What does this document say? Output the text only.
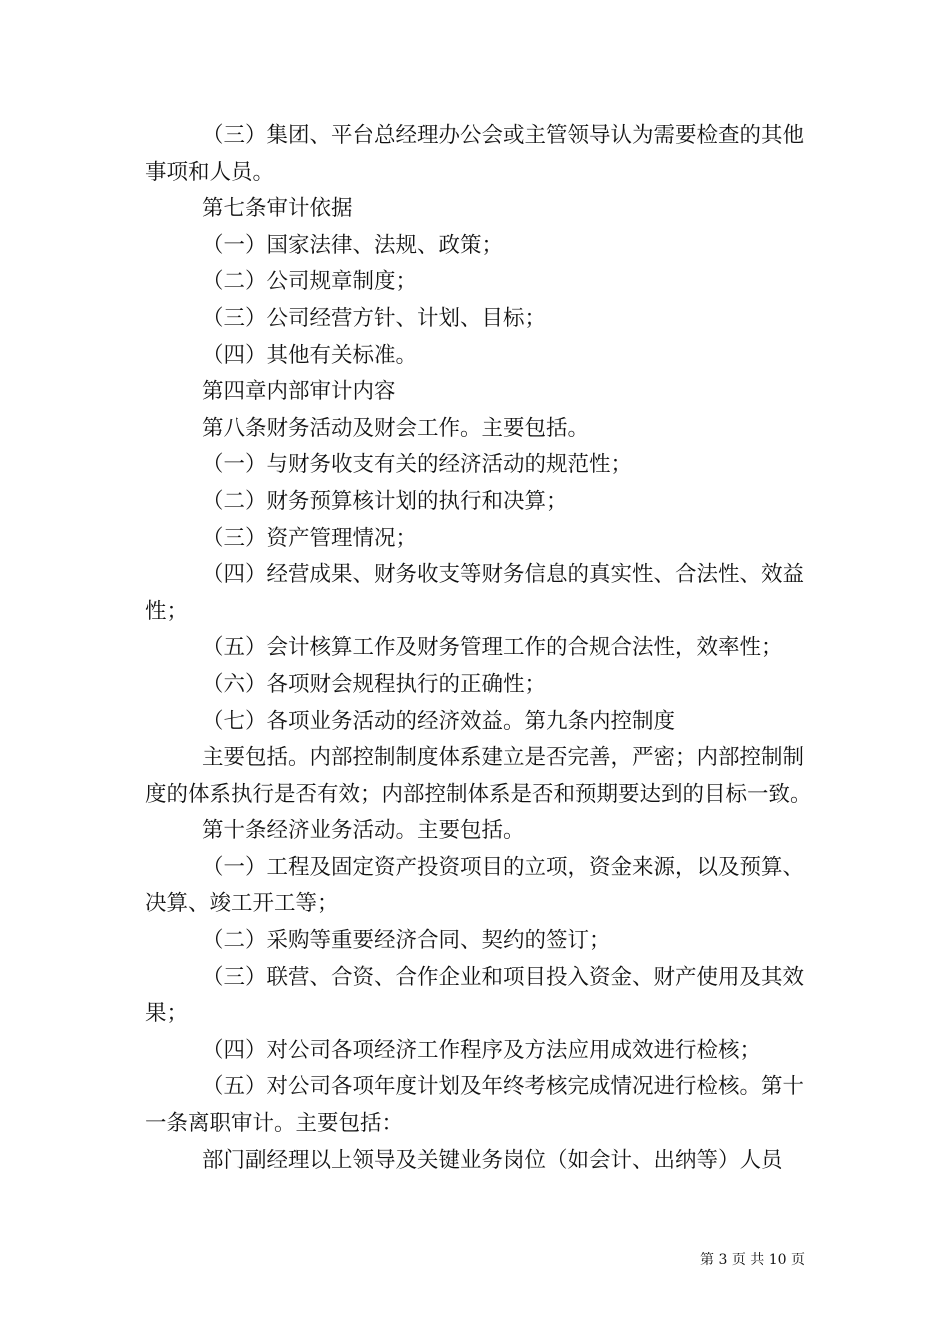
（三）集团、平台总经理办公会或主管领导认为需要检查的其他事项和人员。

第七条审计依据

（一）国家法律、法规、政策；

（二）公司规章制度；

（三）公司经营方针、计划、目标；

（四）其他有关标准。

第四章内部审计内容

第八条财务活动及财会工作。主要包括。

（一）与财务收支有关的经济活动的规范性；

（二）财务预算核计划的执行和决算；

（三）资产管理情况；

（四）经营成果、财务收支等财务信息的真实性、合法性、效益性；

（五）会计核算工作及财务管理工作的合规合法性，效率性；

（六）各项财会规程执行的正确性；

（七）各项业务活动的经济效益。第九条内控制度

主要包括。内部控制制度体系建立是否完善，严密；内部控制制度的体系执行是否有效；内部控制体系是否和预期要达到的目标一致。

第十条经济业务活动。主要包括。

（一）工程及固定资产投资项目的立项，资金来源，以及预算、决算、竣工开工等；

（二）采购等重要经济合同、契约的签订；

（三）联营、合资、合作企业和项目投入资金、财产使用及其效果；

（四）对公司各项经济工作程序及方法应用成效进行检核；

（五）对公司各项年度计划及年终考核完成情况进行检核。第十一条离职审计。主要包括：

部门副经理以上领导及关键业务岗位（如会计、出纳等）人员

第 3 页 共 10 页
